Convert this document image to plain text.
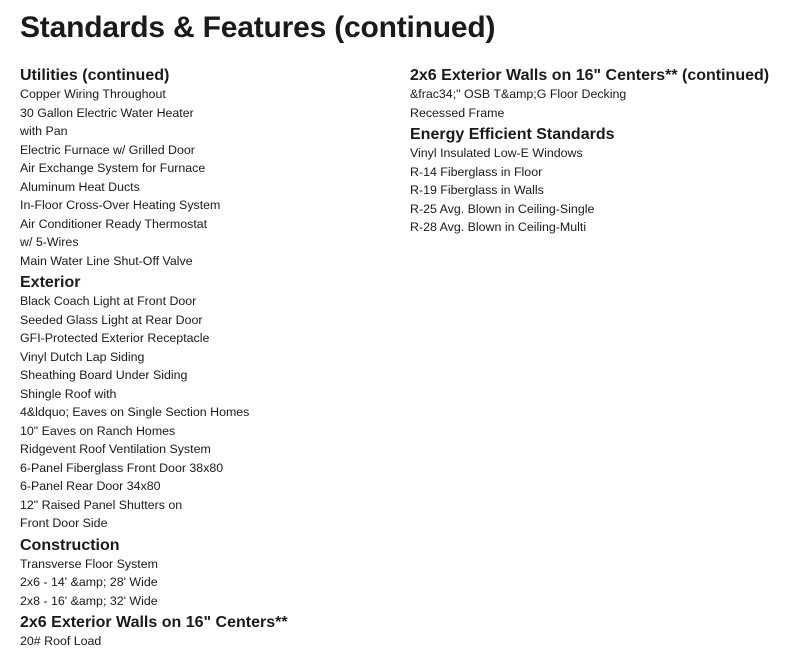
Standards & Features (continued)
Utilities (continued)
Copper Wiring Throughout
30 Gallon Electric Water Heater
with Pan
Electric Furnace w/ Grilled Door
Air Exchange System for Furnace
Aluminum Heat Ducts
In-Floor Cross-Over Heating System
Air Conditioner Ready Thermostat
w/ 5-Wires
Main Water Line Shut-Off Valve
Exterior
Black Coach Light at Front Door
Seeded Glass Light at Rear Door
GFI-Protected Exterior Receptacle
Vinyl Dutch Lap Siding
Sheathing Board Under Siding
Shingle Roof with
4&ldquo; Eaves on Single Section Homes
10" Eaves on Ranch Homes
Ridgevent Roof Ventilation System
6-Panel Fiberglass Front Door 38x80
6-Panel Rear Door 34x80
12" Raised Panel Shutters on
Front Door Side
Construction
Transverse Floor System
2x6 - 14' &amp; 28' Wide
2x8 - 16' &amp; 32' Wide
2x6 Exterior Walls on 16" Centers**
20# Roof Load
2x6 Exterior Walls on 16" Centers** (continued)
&frac34;" OSB T&amp;G Floor Decking
Recessed Frame
Energy Efficient Standards
Vinyl Insulated Low-E Windows
R-14 Fiberglass in Floor
R-19 Fiberglass in Walls
R-25 Avg. Blown in Ceiling-Single
R-28 Avg. Blown in Ceiling-Multi
